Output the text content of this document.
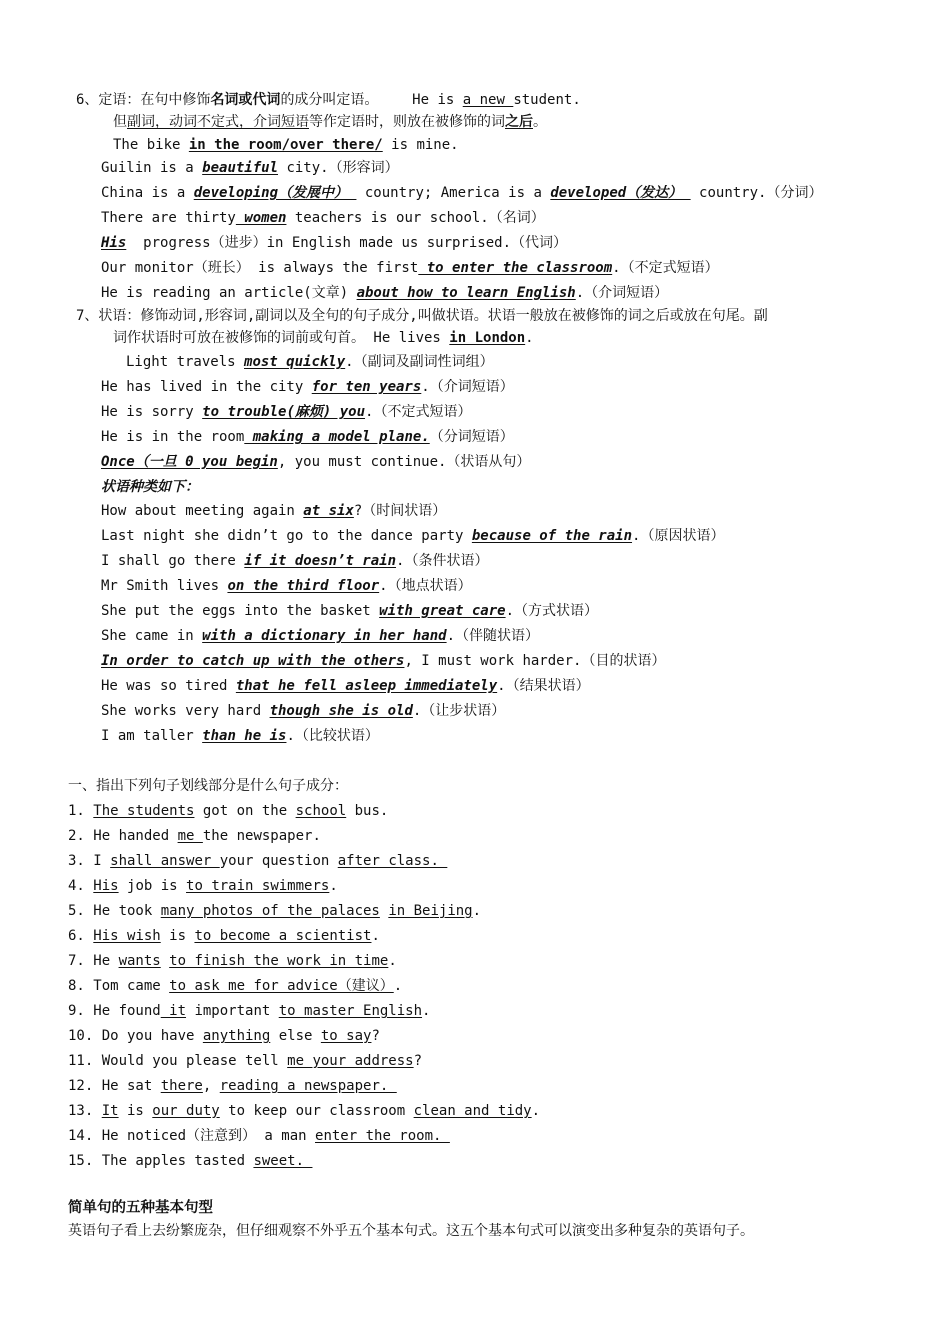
6、定语：在句中修饰名词或代词的成分叫定语。    He is a new student.
但副词，动词不定式，介词短语等作定语时，则放在被修饰的词之后。
The bike in the room/over there/ is mine.
Guilin is a beautiful city.（形容词）
China is a developing（发展中）  country; America is a developed（发达）  country.（分词）
There are thirty women teachers is our school.（名词）
His  progress（进步）in English made us surprised.（代词）
Our monitor（班长） is always the first to enter the classroom.（不定式短语）
He is reading an article(文章) about how to learn English.（介词短语）
7、状语：修饰动词,形容词,副词以及全句的句子成分,叫做状语。状语一般放在被修饰的词之后或放在句尾。副
词作状语时可放在被修饰的词前或句首。 He lives in London.
Light travels most quickly.（副词及副词性词组）
He has lived in the city for ten years.（介词短语）
He is sorry to trouble(麻烦) you.（不定式短语）
He is in the room making a model plane.（分词短语）
Once（一旦 0 you begin, you must continue.（状语从句）
状语种类如下：
How about meeting again at six?（时间状语）
Last night she didn’t go to the dance party because of the rain.（原因状语）
I shall go there if it doesn’t rain.（条件状语）
Mr Smith lives on the third floor.（地点状语）
She put the eggs into the basket with great care.（方式状语）
She came in with a dictionary in her hand.（伴随状语）
In order to catch up with the others, I must work harder.（目的状语）
He was so tired that he fell asleep immediately.（结果状语）
She works very hard though she is old.（让步状语）
I am taller than he is.（比较状语）
一、指出下列句子划线部分是什么句子成分：
1. The students got on the school bus.
2. He handed me the newspaper.
3. I shall answer your question after class.
4. His job is to train swimmers.
5. He took many photos of the palaces in Beijing.
6. His wish is to become a scientist.
7. He wants to finish the work in time.
8. Tom came to ask me for advice（建议）.
9. He found it important to master English.
10. Do you have anything else to say?
11. Would you please tell me your address?
12. He sat there, reading a newspaper.
13. It is our duty to keep our classroom clean and tidy.
14. He noticed（注意到） a man enter the room.
15. The apples tasted sweet.
简单句的五种基本句型
英语句子看上去纷繁庞杂，但仔细观察不外乎五个基本句式。这五个基本句式可以演变出多种复杂的英语句子。
